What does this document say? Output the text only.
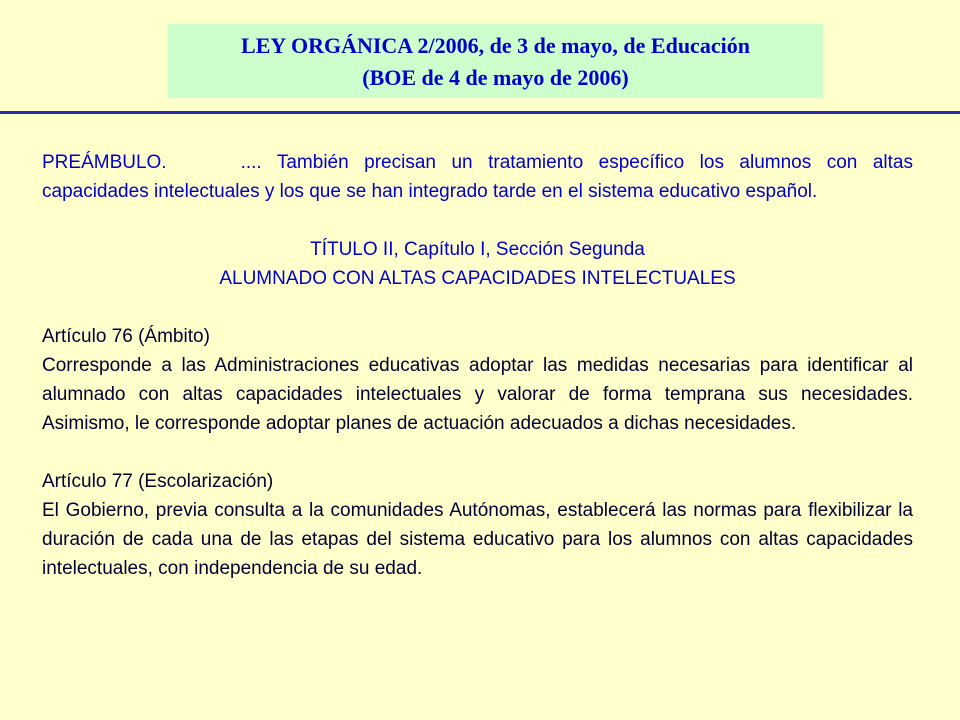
LEY ORGÁNICA 2/2006, de 3 de mayo, de Educación
(BOE de 4 de mayo de 2006)
PREÁMBULO.	.... También precisan un tratamiento específico los alumnos con altas capacidades intelectuales y los que se han integrado tarde en el sistema educativo español.
TÍTULO II, Capítulo I, Sección Segunda
ALUMNADO CON ALTAS CAPACIDADES INTELECTUALES
Artículo 76 (Ámbito)
Corresponde a las Administraciones educativas adoptar las medidas necesarias para identificar al alumnado con altas capacidades intelectuales y valorar de forma temprana sus necesidades. Asimismo, le corresponde adoptar planes de actuación adecuados a dichas necesidades.
Artículo 77 (Escolarización)
El Gobierno, previa consulta a la comunidades Autónomas, establecerá las normas para flexibilizar la duración de cada una de las etapas del sistema educativo para los alumnos con altas capacidades intelectuales, con independencia de su edad.
